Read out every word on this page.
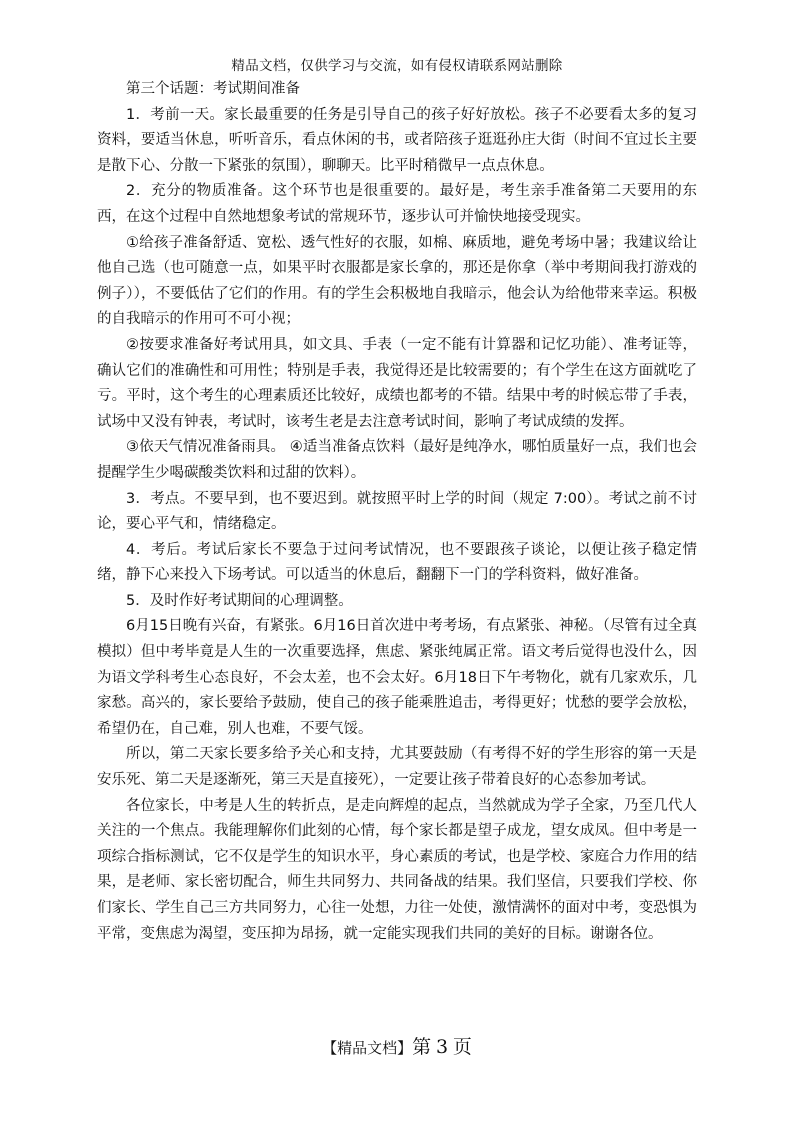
精品文档，仅供学习与交流，如有侵权请联系网站删除

第三个话题：考试期间准备

1．考前一天。家长最重要的任务是引导自己的孩子好好放松。孩子不必要看太多的复习资料，要适当休息，听听音乐，看点休闲的书，或者陪孩子逛逛孙庄大街（时间不宜过长主要是散下心、分散一下紧张的氛围），聊聊天。比平时稍微早一点点休息。

2．充分的物质准备。这个环节也是很重要的。最好是，考生亲手准备第二天要用的东西，在这个过程中自然地想象考试的常规环节，逐步认可并愉快地接受现实。

①给孩子准备舒适、宽松、透气性好的衣服，如棉、麻质地，避免考场中暑；我建议给让他自己选（也可随意一点，如果平时衣服都是家长拿的，那还是你拿（举中考期间我打游戏的例子）），不要低估了它们的作用。有的学生会积极地自我暗示，他会认为给他带来幸运。积极的自我暗示的作用可不可小视；

②按要求准备好考试用具，如文具、手表（一定不能有计算器和记忆功能）、准考证等，确认它们的准确性和可用性；特别是手表，我觉得还是比较需要的；有个学生在这方面就吃了亏。平时，这个考生的心理素质还比较好，成绩也都考的不错。结果中考的时候忘带了手表，试场中又没有钟表，考试时，该考生老是去注意考试时间，影响了考试成绩的发挥。

③依天气情况准备雨具。 ④适当准备点饮料（最好是纯净水，哪怕质量好一点，我们也会提醒学生少喝碳酸类饮料和过甜的饮料）。

3．考点。不要早到，也不要迟到。就按照平时上学的时间（规定 7:00）。考试之前不讨论，要心平气和，情绪稳定。

4．考后。考试后家长不要急于过问考试情况，也不要跟孩子谈论，以便让孩子稳定情绪，静下心来投入下场考试。可以适当的休息后，翻翻下一门的学科资料，做好准备。

5．及时作好考试期间的心理调整。

6月15日晚有兴奋，有紧张。6月16日首次进中考考场，有点紧张、神秘。（尽管有过全真模拟）但中考毕竟是人生的一次重要选择，焦虑、紧张纯属正常。语文考后觉得也没什么，因为语文学科考生心态良好，不会太差，也不会太好。6月18日下午考物化，就有几家欢乐，几家愁。高兴的，家长要给予鼓励，使自己的孩子能乘胜追击，考得更好；忧愁的要学会放松，希望仍在，自己难，别人也难，不要气馁。

所以，第二天家长要多给予关心和支持，尤其要鼓励（有考得不好的学生形容的第一天是安乐死、第二天是逐渐死，第三天是直接死），一定要让孩子带着良好的心态参加考试。

各位家长，中考是人生的转折点，是走向辉煌的起点，当然就成为学子全家，乃至几代人关注的一个焦点。我能理解你们此刻的心情，每个家长都是望子成龙，望女成凤。但中考是一项综合指标测试，它不仅是学生的知识水平，身心素质的考试，也是学校、家庭合力作用的结果，是老师、家长密切配合，师生共同努力、共同备战的结果。我们坚信，只要我们学校、你们家长、学生自己三方共同努力，心往一处想，力往一处使，激情满怀的面对中考，变恐惧为平常，变焦虑为渴望，变压抑为昂扬，就一定能实现我们共同的美好的目标。谢谢各位。

【精品文档】第 3 页
